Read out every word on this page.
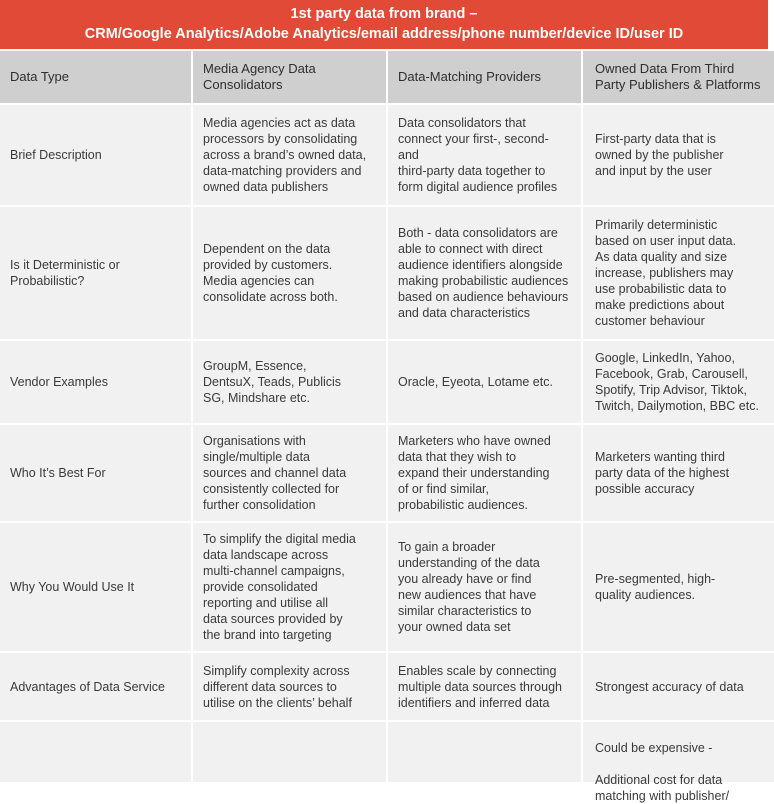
1st party data from brand –
CRM/Google Analytics/Adobe Analytics/email address/phone number/device ID/user ID
Data Type
Media Agency Data
Consolidators
Data-Matching Providers
Owned Data From Third
Party Publishers & Platforms
Brief Description
Media agencies act as data
processors by consolidating
across a brand’s owned data,
data-matching providers and
owned data publishers
Data consolidators that
connect your first-, second- and
third-party data together to
form digital audience profiles
First-party data that is
owned by the publisher
and input by the user
Is it Deterministic or
Probabilistic?
Dependent on the data
provided by customers.
Media agencies can
consolidate across both.
Both - data consolidators are
able to connect with direct
audience identifiers alongside
making probabilistic audiences
based on audience behaviours
and data characteristics
Primarily deterministic
based on user input data.
As data quality and size
increase, publishers may
use probabilistic data to
make predictions about
customer behaviour
Vendor Examples
GroupM, Essence,
DentsuX, Teads, Publicis
SG, Mindshare etc.
Oracle, Eyeota, Lotame etc.
Google, LinkedIn, Yahoo,
Facebook, Grab, Carousell,
Spotify, Trip Advisor, Tiktok,
Twitch, Dailymotion, BBC etc.
Who It’s Best For
Organisations with
single/multiple data
sources and channel data
consistently collected for
further consolidation
Marketers who have owned
data that they wish to
expand their understanding
of or find similar,
probabilistic audiences.
Marketers wanting third
party data of the highest
possible accuracy
Why You Would Use It
To simplify the digital media
data landscape across
multi-channel campaigns,
provide consolidated
reporting and utilise all
data sources provided by
the brand into targeting
To gain a broader
understanding of the data
you already have or find
new audiences that have
similar characteristics to
your owned data set
Pre-segmented, high-
quality audiences.
Advantages of Data Service
Simplify complexity across
different data sources to
utilise on the clients’ behalf
Enables scale by connecting
multiple data sources through
identifiers and inferred data
Strongest accuracy of data
Could be expensive -

Additional cost for data
matching with publisher/
